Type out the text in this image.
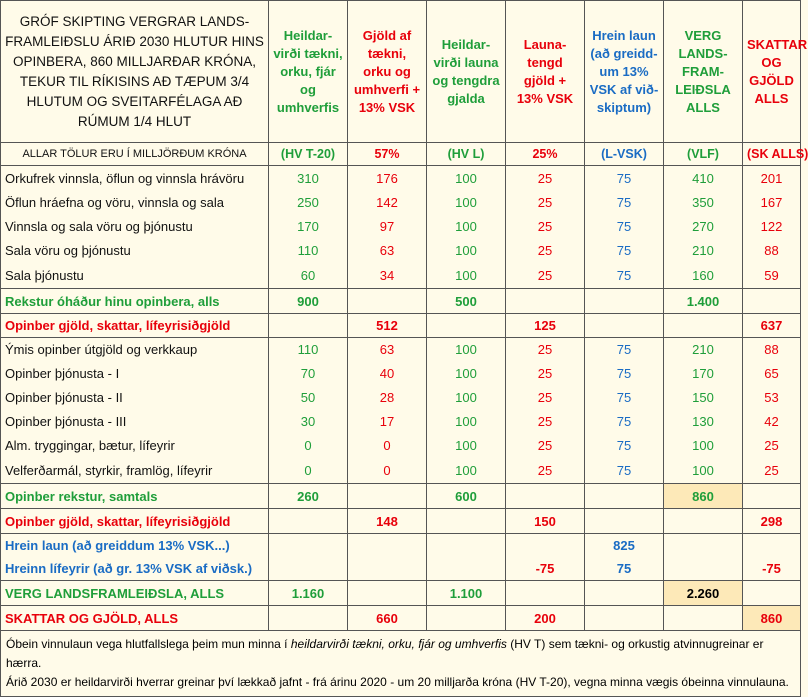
GRÓF SKIPTING VERGRAR LANDS-FRAMLEIÐSLU ÁRIÐ 2030 HLUTUR HINS OPINBERA, 860 MILLJARÐAR KRÓNA, TEKUR TIL RÍKISINS AÐ TÆPUM 3/4 HLUTUM OG SVEITARFÉLAGA AÐ RÚMUM 1/4 HLUT	Heildar-virði tækni, orku, fjár og umhverfis	Gjöld af tækni, orku og umhverfi + 13% VSK	Heildar-virði launa og tengdra gjalda	Launa-tengd gjöld + 13% VSK	Hrein laun (að greidd-um 13% VSK af við-skiptum)	VERG LANDS-FRAM-LEIÐSLA ALLS	SKATTAR OG GJÖLD ALLS
ALLAR TÖLUR ERU Í MILLJÖRÐUM KRÓNA	(HV T-20)	57%	(HV L)	25%	(L-VSK)	(VLF)	(SK ALLS)
Orkufrek vinnsla, öflun og vinnsla hrávöru	310	176	100	25	75	410	201
Öflun hráefna og vöru, vinnsla og sala	250	142	100	25	75	350	167
Vinnsla og sala vöru og þjónustu	170	97	100	25	75	270	122
Sala vöru og þjónustu	110	63	100	25	75	210	88
Sala þjónustu	60	34	100	25	75	160	59
Rekstur óháður hinu opinbera, alls	900		500			1.400	
Opinber gjöld, skattar, lífeyrisiðgjöld		512		125			637
Ýmis opinber útgjöld og verkkaup	110	63	100	25	75	210	88
Opinber þjónusta - I	70	40	100	25	75	170	65
Opinber þjónusta - II	50	28	100	25	75	150	53
Opinber þjónusta - III	30	17	100	25	75	130	42
Alm. tryggingar, bætur, lífeyrir	0	0	100	25	75	100	25
Velferðarmál, styrkir, framlög, lífeyrir	0	0	100	25	75	100	25
Opinber rekstur, samtals	260		600			860	
Opinber gjöld, skattar, lífeyrisiðgjöld		148		150			298
Hrein laun (að greiddum 13% VSK...)					825		
Hreinn lífeyrir (að gr. 13% VSK af viðsk.)				-75	75		-75
VERG LANDSFRAMLEIÐSLA, ALLS	1.160		1.100			2.260	
SKATTAR OG GJÖLD, ALLS		660		200			860
Óbein vinnulaun vega hlutfallslega þeim mun minna í heildarvirði tækni, orku, fjár og umhverfis (HV T) sem tækni- og orkustig atvinnugreinar er hærra.
Árið 2030 er heildarvirði hverrar greinar því lækkað jafnt - frá árinu 2020 - um 20 milljarða króna (HV T-20), vegna minna vægis óbeinna vinnulauna.							
